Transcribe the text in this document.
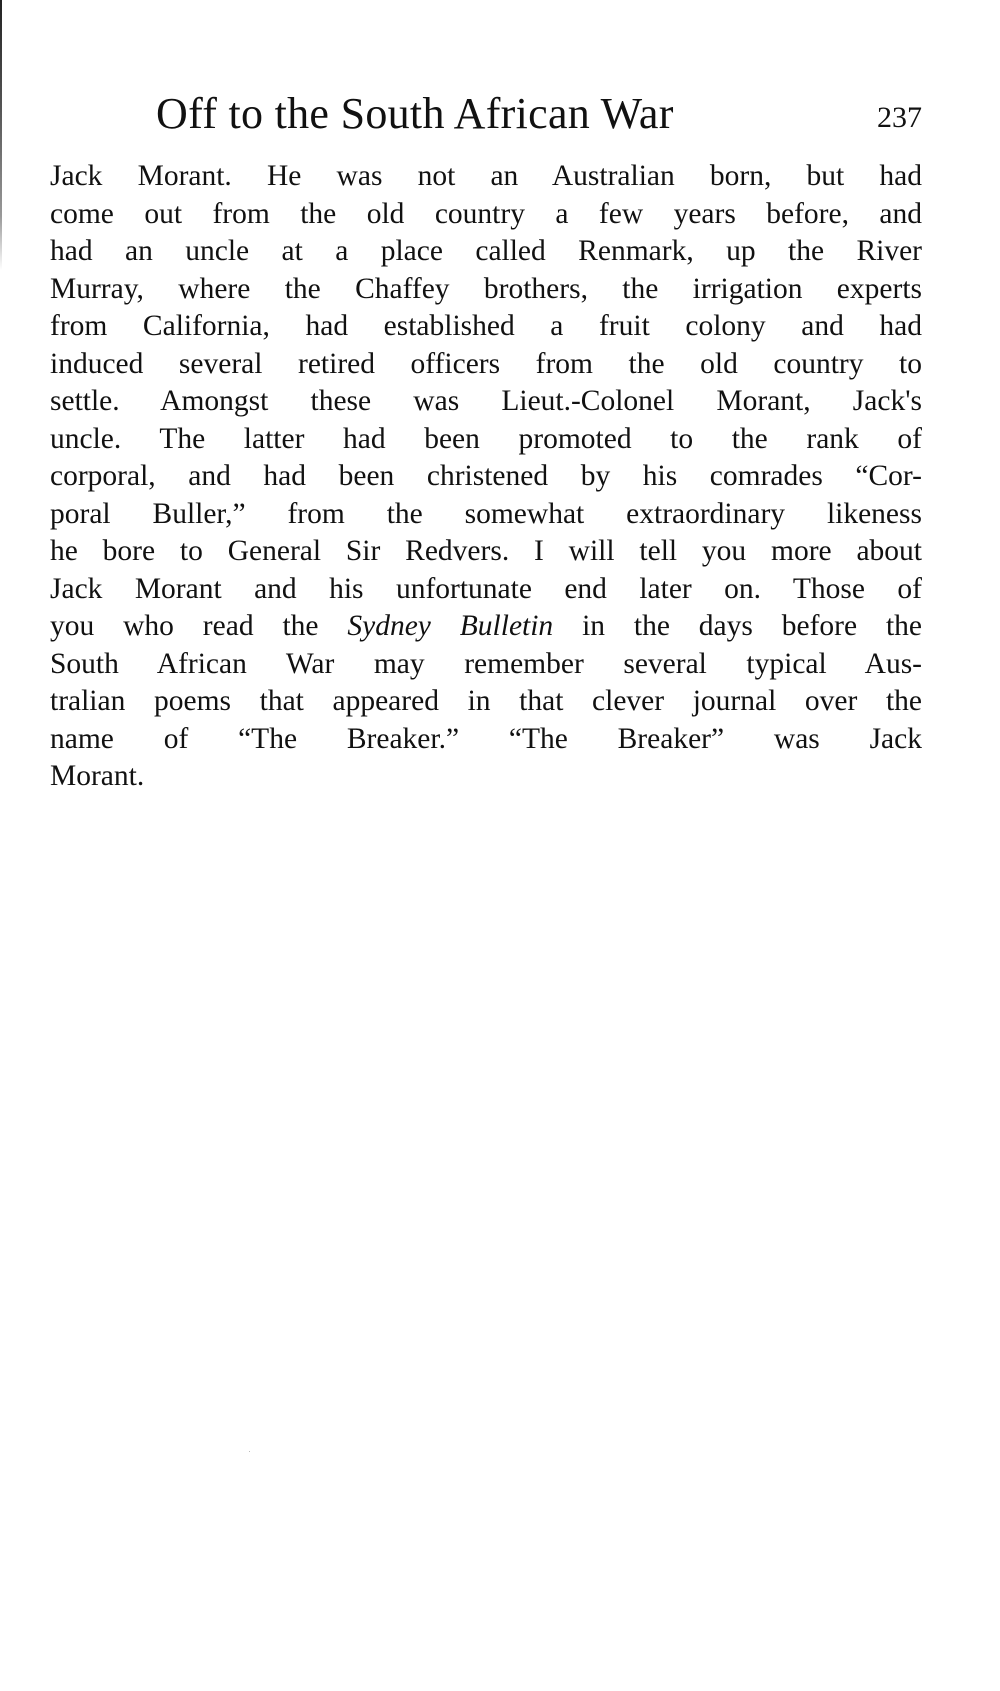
Off to the South African War	237
Jack Morant. He was not an Australian born, but had
come out from the old country a few years before, and
had an uncle at a place called Renmark, up the River
Murray, where the Chaffey brothers, the irrigation experts
from California, had established a fruit colony and had
induced several retired officers from the old country to
settle. Amongst these was Lieut.-Colonel Morant, Jack's
uncle. The latter had been promoted to the rank of
corporal, and had been christened by his comrades “Cor-
poral Buller,” from the somewhat extraordinary likeness
he bore to General Sir Redvers. I will tell you more about
Jack Morant and his unfortunate end later on. Those of
you who read the Sydney Bulletin in the days before the
South African War may remember several typical Aus-
tralian poems that appeared in that clever journal over the
name of “The Breaker.” “The Breaker” was Jack
Morant.
